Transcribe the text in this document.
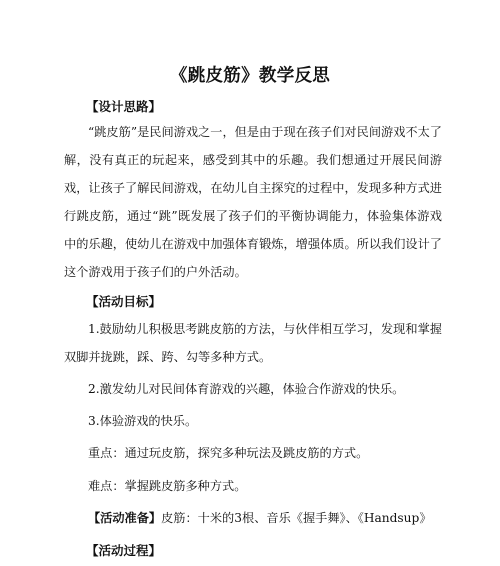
《跳皮筋》教学反思
【设计思路】
“跳皮筋”是民间游戏之一，但是由于现在孩子们对民间游戏不太了解，没有真正的玩起来，感受到其中的乐趣。我们想通过开展民间游戏，让孩子了解民间游戏，在幼儿自主探究的过程中，发现多种方式进行跳皮筋，通过“跳”既发展了孩子们的平衡协调能力，体验集体游戏中的乐趣，使幼儿在游戏中加强体育锻炼，增强体质。所以我们设计了这个游戏用于孩子们的户外活动。
【活动目标】
1.鼓励幼儿积极思考跳皮筋的方法，与伙伴相互学习，发现和掌握双脚并拢跳，踩、跨、勾等多种方式。
2.激发幼儿对民间体育游戏的兴趣，体验合作游戏的快乐。
3.体验游戏的快乐。
重点：通过玩皮筋，探究多种玩法及跳皮筋的方式。
难点：掌握跳皮筋多种方式。
【活动准备】皮筋：十米的3根、音乐《握手舞》、《Handsup》
【活动过程】
